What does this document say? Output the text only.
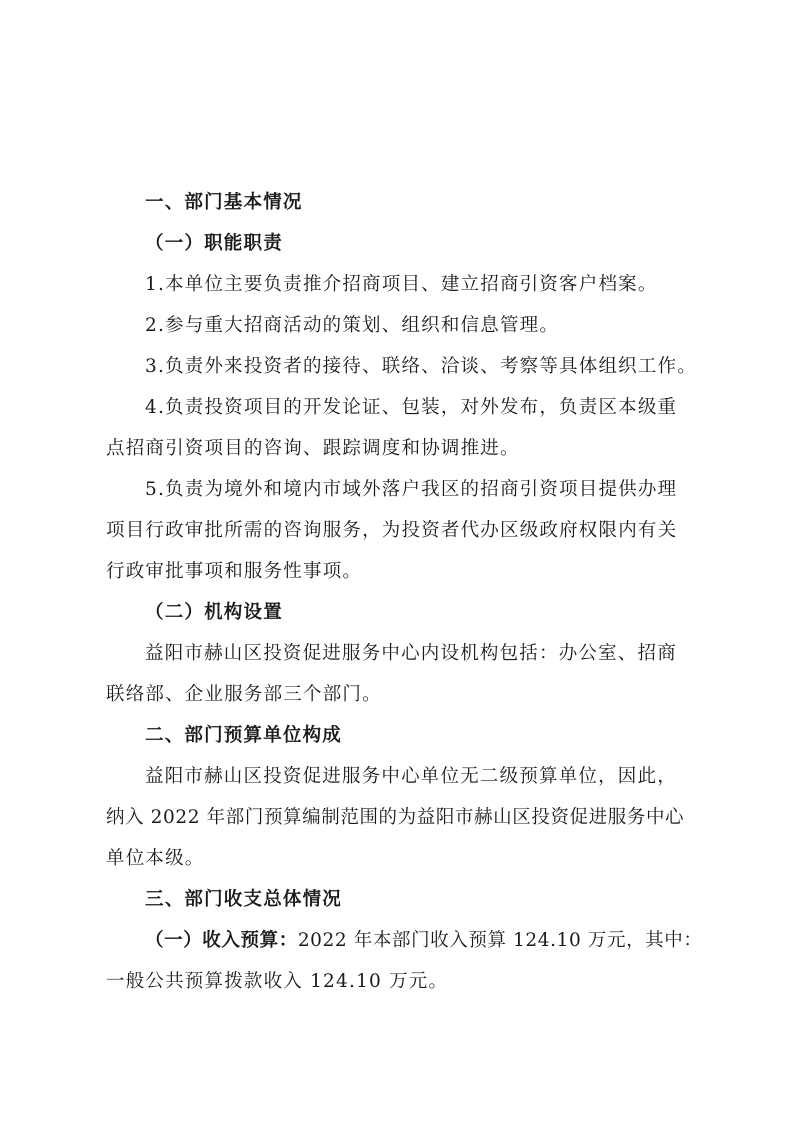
一、部门基本情况
（一）职能职责
1.本单位主要负责推介招商项目、建立招商引资客户档案。
2.参与重大招商活动的策划、组织和信息管理。
3.负责外来投资者的接待、联络、洽谈、考察等具体组织工作。
4.负责投资项目的开发论证、包装，对外发布，负责区本级重
点招商引资项目的咨询、跟踪调度和协调推进。
5.负责为境外和境内市域外落户我区的招商引资项目提供办理
项目行政审批所需的咨询服务，为投资者代办区级政府权限内有关
行政审批事项和服务性事项。
（二）机构设置
益阳市赫山区投资促进服务中心内设机构包括：办公室、招商
联络部、企业服务部三个部门。
二、部门预算单位构成
益阳市赫山区投资促进服务中心单位无二级预算单位，因此，
纳入 2022 年部门预算编制范围的为益阳市赫山区投资促进服务中心
单位本级。
三、部门收支总体情况
（一）收入预算：2022 年本部门收入预算 124.10 万元，其中：
一般公共预算拨款收入 124.10 万元。
